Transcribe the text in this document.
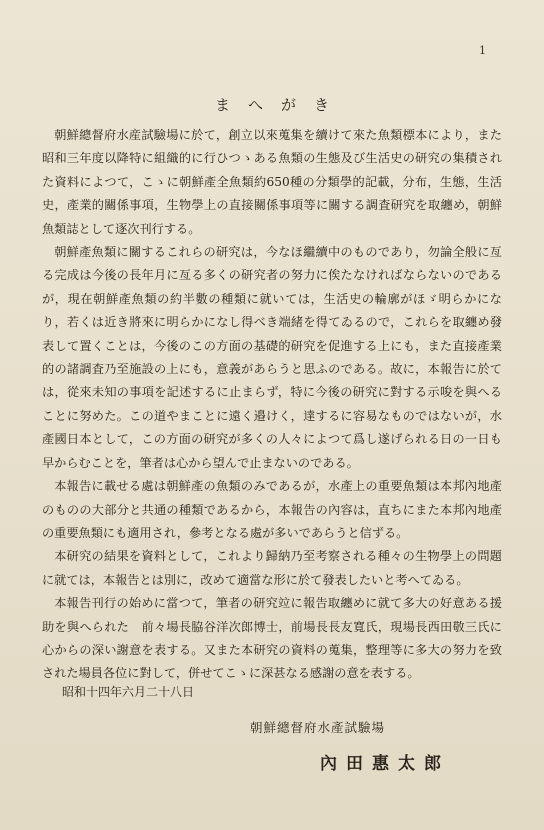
1
まへがき

朝鮮總督府水産試驗場に於て，創立以來蒐集を續けて來た魚類標本により，また昭和三年度以降特に組織的に行ひつゝある魚類の生態及び生活史の研究の集積された資料によつて，こゝに朝鮮產全魚類約650種の分類學的記載，分布，生態，生活史，產業的關係事項，生物學上の直接關係事項等に關する調査研究を取纏め，朝鮮魚類誌として逐次刊行する。

朝鮮產魚類に關するこれらの研究は，今なほ繼續中のものであり，勿論全般に亙る完成は今後の長年月に亙る多くの研究者の努力に俟たなければならないのであるが，現在朝鮮產魚類の約半數の種類に就いては，生活史の輪廓がほゞ明らかになり，若くは近き將來に明らかになし得べき端緒を得てゐるので，これらを取纏め發表して置くことは，今後のこの方面の基礎的研究を促進する上にも，また直接產業的の諸調査乃至施設の上にも，意義があらうと思ふのである。故に，本報告に於ては，從來未知の事項を記述するに止まらず，特に今後の研究に對する示唆を與へることに努めた。この道やまことに遠く邉けく，達するに容易なものではないが，水產國日本として，この方面の研究が多くの人々によつて爲し遂げられる日の一日も早からむことを，筆者は心から望んで止まないのである。

本報告に載せる處は朝鮮產の魚類のみであるが，水產上の重要魚類は本邦內地產のものの大部分と共通の種類であるから，本報告の內容は，直ちにまた本邦內地產の重要魚類にも適用され，參考となる處が多いであらうと信ずる。

本研究の結果を資料として，これより歸納乃至考察される種々の生物學上の問題に就ては，本報告とは別に，改めて適當な形に於て發表したいと考へてゐる。

本報告刊行の始めに當つて，筆者の研究竝に報告取纏めに就て多大の好意ある援助を與へられた　前々場長脇谷洋次郎博士，前場長長友寬氏，現場長西田敬三氏に心からの深い謝意を表する。又また本研究の資料の蒐集，整理等に多大の努力を致された場員各位に對して，併せてこゝに深甚なる感謝の意を表する。

昭和十四年六月二十八日
朝鮮總督府水產試驗場
內田惠太郎
